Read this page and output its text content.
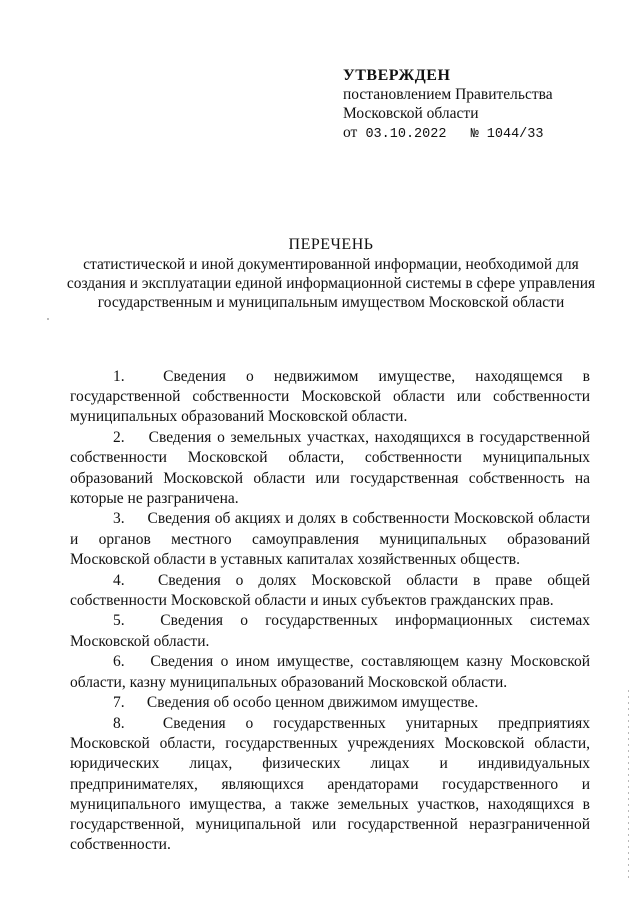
УТВЕРЖДЕН
постановлением Правительства
Московской области
от 03.10.2022 № 1044/33
ПЕРЕЧЕНЬ
статистической и иной документированной информации, необходимой для создания и эксплуатации единой информационной системы в сфере управления государственным и муниципальным имуществом Московской области

1. Сведения о недвижимом имуществе, находящемся в государственной собственности Московской области или собственности муниципальных образований Московской области.

2. Сведения о земельных участках, находящихся в государственной собственности Московской области, собственности муниципальных образований Московской области или государственная собственность на которые не разграничена.

3. Сведения об акциях и долях в собственности Московской области и органов местного самоуправления муниципальных образований Московской области в уставных капиталах хозяйственных обществ.

4. Сведения о долях Московской области в праве общей собственности Московской области и иных субъектов гражданских прав.

5. Сведения о государственных информационных системах Московской области.

6. Сведения о ином имуществе, составляющем казну Московской области, казну муниципальных образований Московской области.

7. Сведения об особо ценном движимом имуществе.

8. Сведения о государственных унитарных предприятиях Московской области, государственных учреждениях Московской области, юридических лицах, физических лицах и индивидуальных предпринимателях, являющихся арендаторами государственного и муниципального имущества, а также земельных участков, находящихся в государственной, муниципальной или государственной неразграниченной собственности.
